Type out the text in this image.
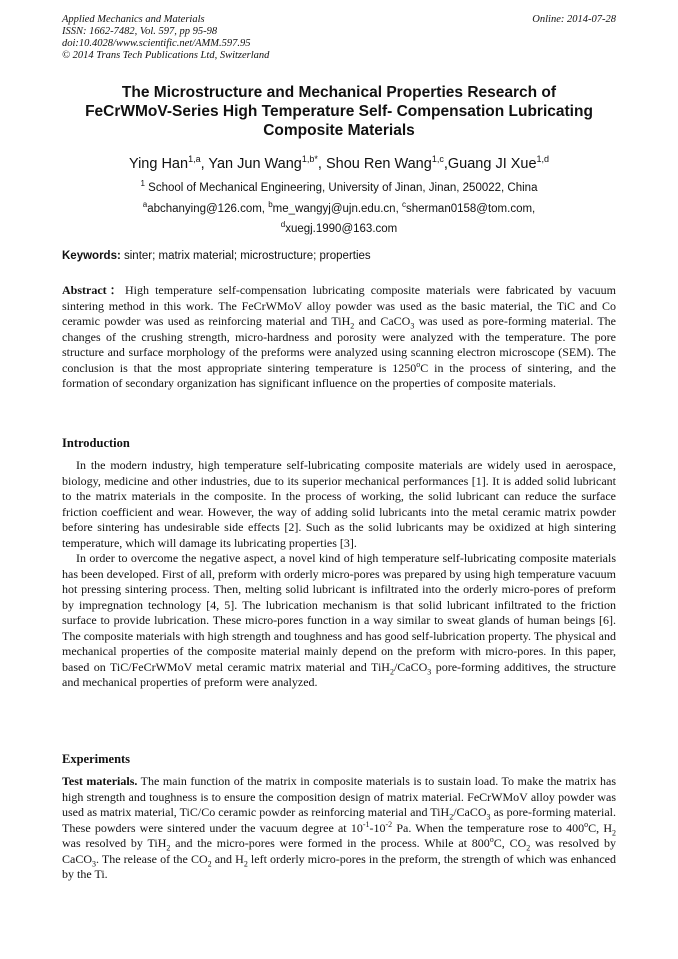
Applied Mechanics and Materials
ISSN: 1662-7482, Vol. 597, pp 95-98
doi:10.4028/www.scientific.net/AMM.597.95
© 2014 Trans Tech Publications Ltd, Switzerland
Online: 2014-07-28
The Microstructure and Mechanical Properties Research of
FeCrWMoV-Series High Temperature Self- Compensation Lubricating
Composite Materials
Ying Han$^{1,a}$, Yan Jun Wang$^{1,b*}$, Shou Ren Wang$^{1,c}$,Guang JI Xue$^{1,d}$
$^1$ School of Mechanical Engineering, University of Jinan, Jinan, 250022, China
$^a$abchanying@126.com, $^b$me_wangyj@ujn.edu.cn, $^c$sherman0158@tom.com,
$^d$xuegj.1990@163.com
Keywords: sinter; matrix material; microstructure; properties

Abstract：High temperature self-compensation lubricating composite materials were fabricated by vacuum sintering method in this work. The FeCrWMoV alloy powder was used as the basic material, the TiC and Co ceramic powder was used as reinforcing material and TiH$_2$ and CaCO$_3$ was used as pore-forming material. The changes of the crushing strength, micro-hardness and porosity were analyzed with the temperature. The pore structure and surface morphology of the preforms were analyzed using scanning electron microscope (SEM). The conclusion is that the most appropriate sintering temperature is 1250$^o$C in the process of sintering, and the formation of secondary organization has significant influence on the properties of composite materials.

Introduction

In the modern industry, high temperature self-lubricating composite materials are widely used in aerospace, biology, medicine and other industries, due to its superior mechanical performances [1]. It is added solid lubricant to the matrix materials in the composite. In the process of working, the solid lubricant can reduce the surface friction coefficient and wear. However, the way of adding solid lubricants into the metal ceramic matrix powder before sintering has undesirable side effects [2]. Such as the solid lubricants may be oxidized at high sintering temperature, which will damage its lubricating properties [3].

In order to overcome the negative aspect, a novel kind of high temperature self-lubricating composite materials has been developed. First of all, preform with orderly micro-pores was prepared by using high temperature vacuum hot pressing sintering process. Then, melting solid lubricant is infiltrated into the orderly micro-pores of preform by impregnation technology [4, 5]. The lubrication mechanism is that solid lubricant infiltrated to the friction surface to provide lubrication. These micro-pores function in a way similar to sweat glands of human beings [6]. The composite materials with high strength and toughness and has good self-lubrication property. The physical and mechanical properties of the composite material mainly depend on the preform with micro-pores. In this paper, based on TiC/FeCrWMoV metal ceramic matrix material and TiH$_2$/CaCO$_3$ pore-forming additives, the structure and mechanical properties of preform were analyzed.

Experiments

Test materials. The main function of the matrix in composite materials is to sustain load. To make the matrix has high strength and toughness is to ensure the composition design of matrix material. FeCrWMoV alloy powder was used as matrix material, TiC/Co ceramic powder as reinforcing material and TiH$_2$/CaCO$_3$ as pore-forming material. These powders were sintered under the vacuum degree at $10^{-1}-10^{-2}$ Pa. When the temperature rose to 400$^o$C, $H_2$ was resolved by TiH$_2$ and the micro-pores were formed in the process. While at 800$^o$C, $CO_2$ was resolved by CaCO$_3$. The release of the $CO_2$ and $H_2$ left orderly micro-pores in the preform, the strength of which was enhanced by the Ti.
